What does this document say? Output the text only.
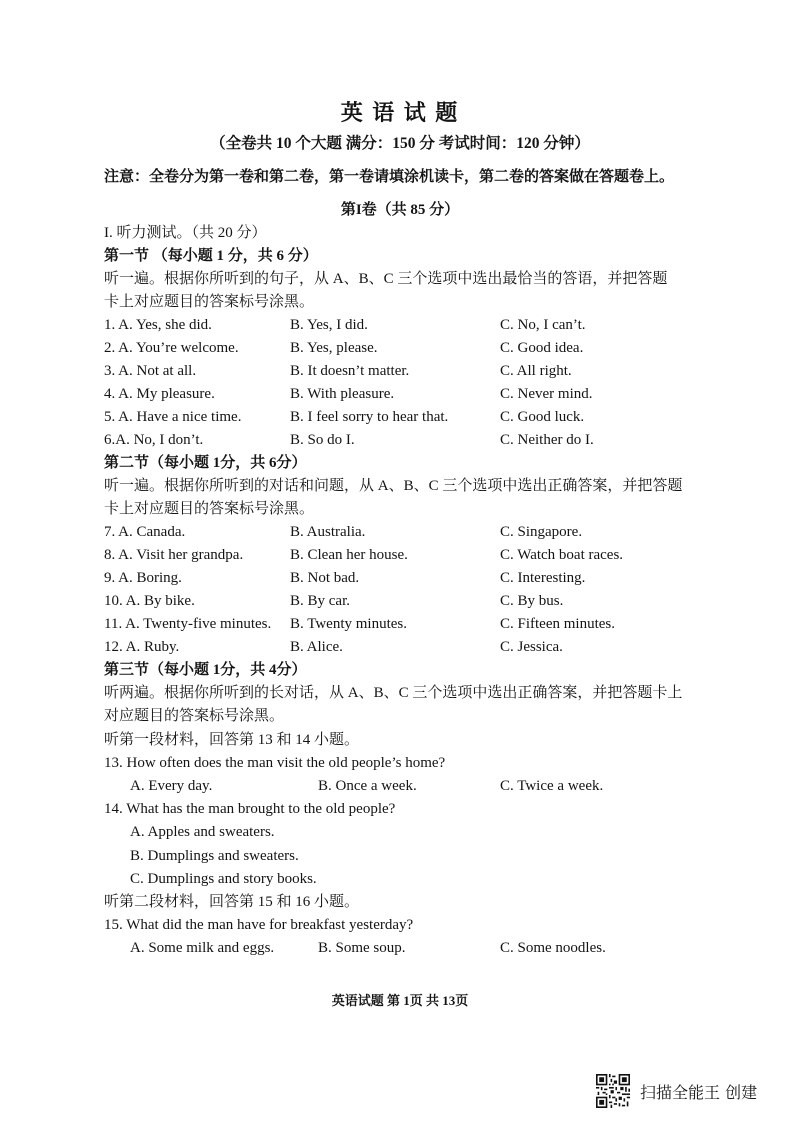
英 语 试 题
（全卷共 10 个大题 满分：150 分 考试时间：120 分钟）
注意：全卷分为第一卷和第二卷，第一卷请填涂机读卡，第二卷的答案做在答题卷上。
第I卷（共 85 分）
I. 听力测试。（共 20 分）
第一节 （每小题 1 分，共 6 分）
听一遍。根据你所听到的句子，从 A、B、C 三个选项中选出最恰当的答语，并把答题
卡上对应题目的答案标号涂黑。
1. A. Yes, she did.	B. Yes, I did.	C. No, I can’t.
2. A. You’re welcome.	B. Yes, please.	C. Good idea.
3. A. Not at all.	B. It doesn’t matter.	C. All right.
4. A. My pleasure.	B. With pleasure.	C. Never mind.
5. A. Have a nice time.	B. I feel sorry to hear that.	C. Good luck.
6.A. No, I don’t.	B. So do I.	C. Neither do I.
第二节（每小题 1分，共 6分）
听一遍。根据你所听到的对话和问题，从 A、B、C 三个选项中选出正确答案，并把答题
卡上对应题目的答案标号涂黑。
7. A. Canada.	B. Australia.	C. Singapore.
8. A. Visit her grandpa.	B. Clean her house.	C. Watch boat races.
9. A. Boring.	B. Not bad.	C. Interesting.
10. A. By bike.	B. By car.	C. By bus.
11. A. Twenty-five minutes. B. Twenty minutes.	C. Fifteen minutes.
12. A. Ruby.	B. Alice.	C. Jessica.
第三节（每小题 1分，共 4分）
听两遍。根据你所听到的长对话，从 A、B、C 三个选项中选出正确答案，并把答题卡上
对应题目的答案标号涂黑。
听第一段材料，回答第 13 和 14 小题。
13. How often does the man visit the old people’s home?
A. Every day.	B. Once a week.	C. Twice a week.
14. What has the man brought to the old people?
A. Apples and sweaters.
B. Dumplings and sweaters.
C. Dumplings and story books.
听第二段材料，回答第 15 和 16 小题。
15. What did the man have for breakfast yesterday?
A. Some milk and eggs.	B. Some soup.	C. Some noodles.
英语试题 第 1页 共 13页
扫描全能王 创建
